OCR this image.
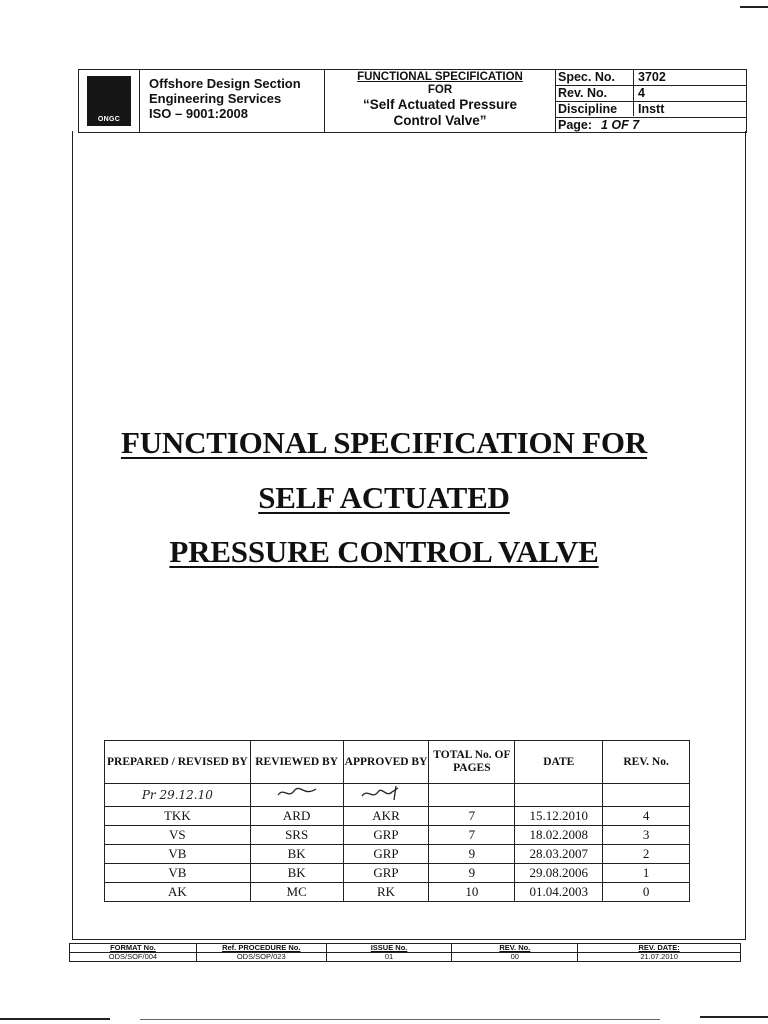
ONGC
Offshore Design Section
Engineering Services
ISO – 9001:2008
FUNCTIONAL SPECIFICATION
FOR
“Self Actuated Pressure
Control Valve”
Spec. No. 3702
Rev. No. 4
Discipline Instt
Page: 1 OF 7
FUNCTIONAL SPECIFICATION FOR
SELF ACTUATED
PRESSURE CONTROL VALVE
PREPARED / REVISED BY	REVIEWED BY	APPROVED BY	TOTAL No. OF PAGES	DATE	REV. No.
Pr 29.12.10					
TKK	ARD	AKR	7	15.12.2010	4
VS	SRS	GRP	7	18.02.2008	3
VB	BK	GRP	9	28.03.2007	2
VB	BK	GRP	9	29.08.2006	1
AK	MC	RK	10	01.04.2003	0
FORMAT No.	Ref. PROCEDURE No.	ISSUE No.	REV. No.	REV. DATE:
ODS/SOF/004	ODS/SOP/023	01	00	21.07.2010
